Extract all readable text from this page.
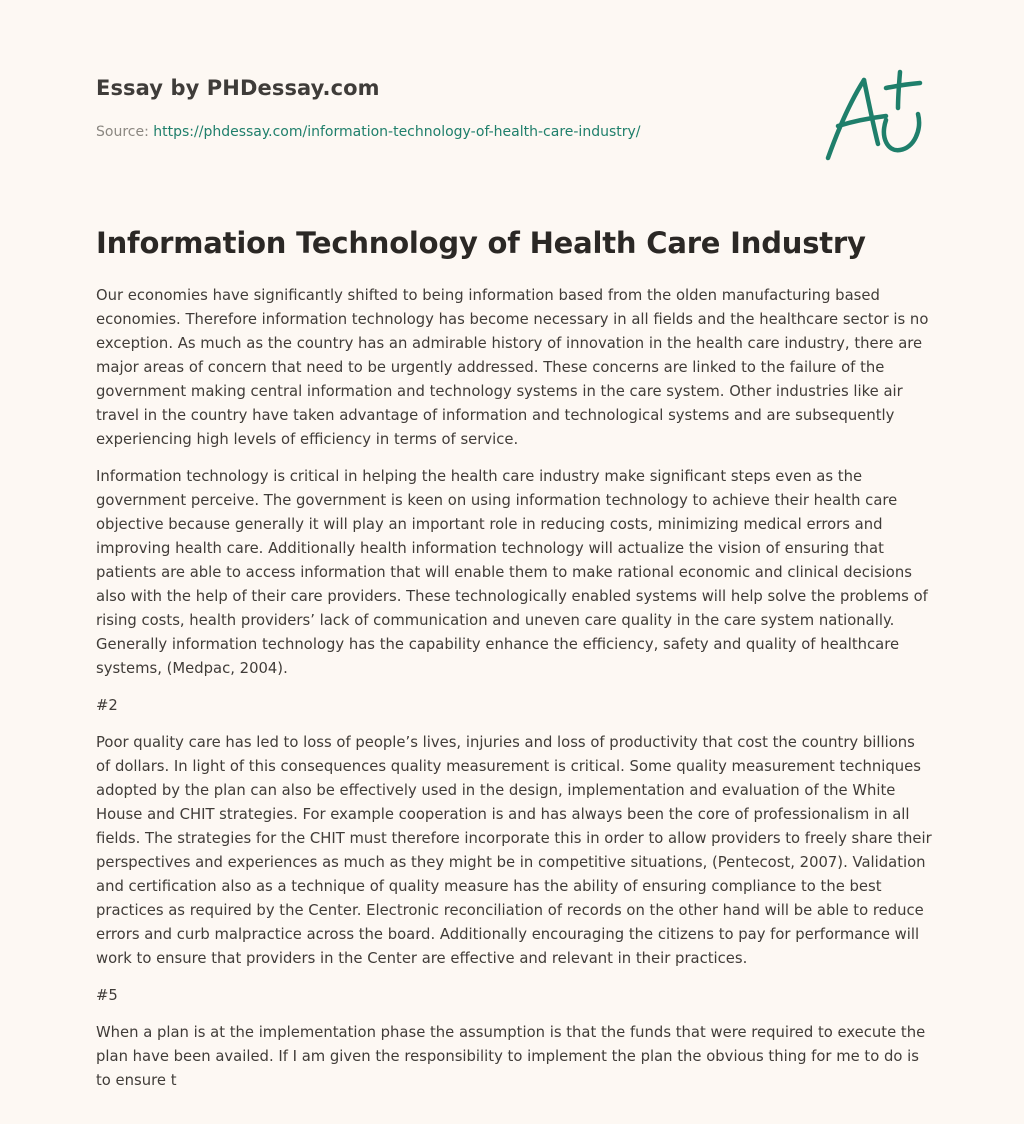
Essay by PHDessay.com
Source: https://phdessay.com/information-technology-of-health-care-industry/
Information Technology of Health Care Industry

Our economies have significantly shifted to being information based from the olden manufacturing based economies. Therefore information technology has become necessary in all fields and the healthcare sector is no exception. As much as the country has an admirable history of innovation in the health care industry, there are major areas of concern that need to be urgently addressed. These concerns are linked to the failure of the government making central information and technology systems in the care system. Other industries like air travel in the country have taken advantage of information and technological systems and are subsequently experiencing high levels of efficiency in terms of service.

Information technology is critical in helping the health care industry make significant steps even as the government perceive. The government is keen on using information technology to achieve their health care objective because generally it will play an important role in reducing costs, minimizing medical errors and improving health care. Additionally health information technology will actualize the vision of ensuring that patients are able to access information that will enable them to make rational economic and clinical decisions also with the help of their care providers. These technologically enabled systems will help solve the problems of rising costs, health providers’ lack of communication and uneven care quality in the care system nationally. Generally information technology has the capability enhance the efficiency, safety and quality of healthcare systems, (Medpac, 2004).

#2

Poor quality care has led to loss of people’s lives, injuries and loss of productivity that cost the country billions of dollars. In light of this consequences quality measurement is critical. Some quality measurement techniques adopted by the plan can also be effectively used in the design, implementation and evaluation of the White House and CHIT strategies. For example cooperation is and has always been the core of professionalism in all fields. The strategies for the CHIT must therefore incorporate this in order to allow providers to freely share their perspectives and experiences as much as they might be in competitive situations, (Pentecost, 2007). Validation and certification also as a technique of quality measure has the ability of ensuring compliance to the best practices as required by the Center. Electronic reconciliation of records on the other hand will be able to reduce errors and curb malpractice across the board. Additionally encouraging the citizens to pay for performance will work to ensure that providers in the Center are effective and relevant in their practices.

#5

When a plan is at the implementation phase the assumption is that the funds that were required to execute the plan have been availed. If I am given the responsibility to implement the plan the obvious thing for me to do is to ensure t
